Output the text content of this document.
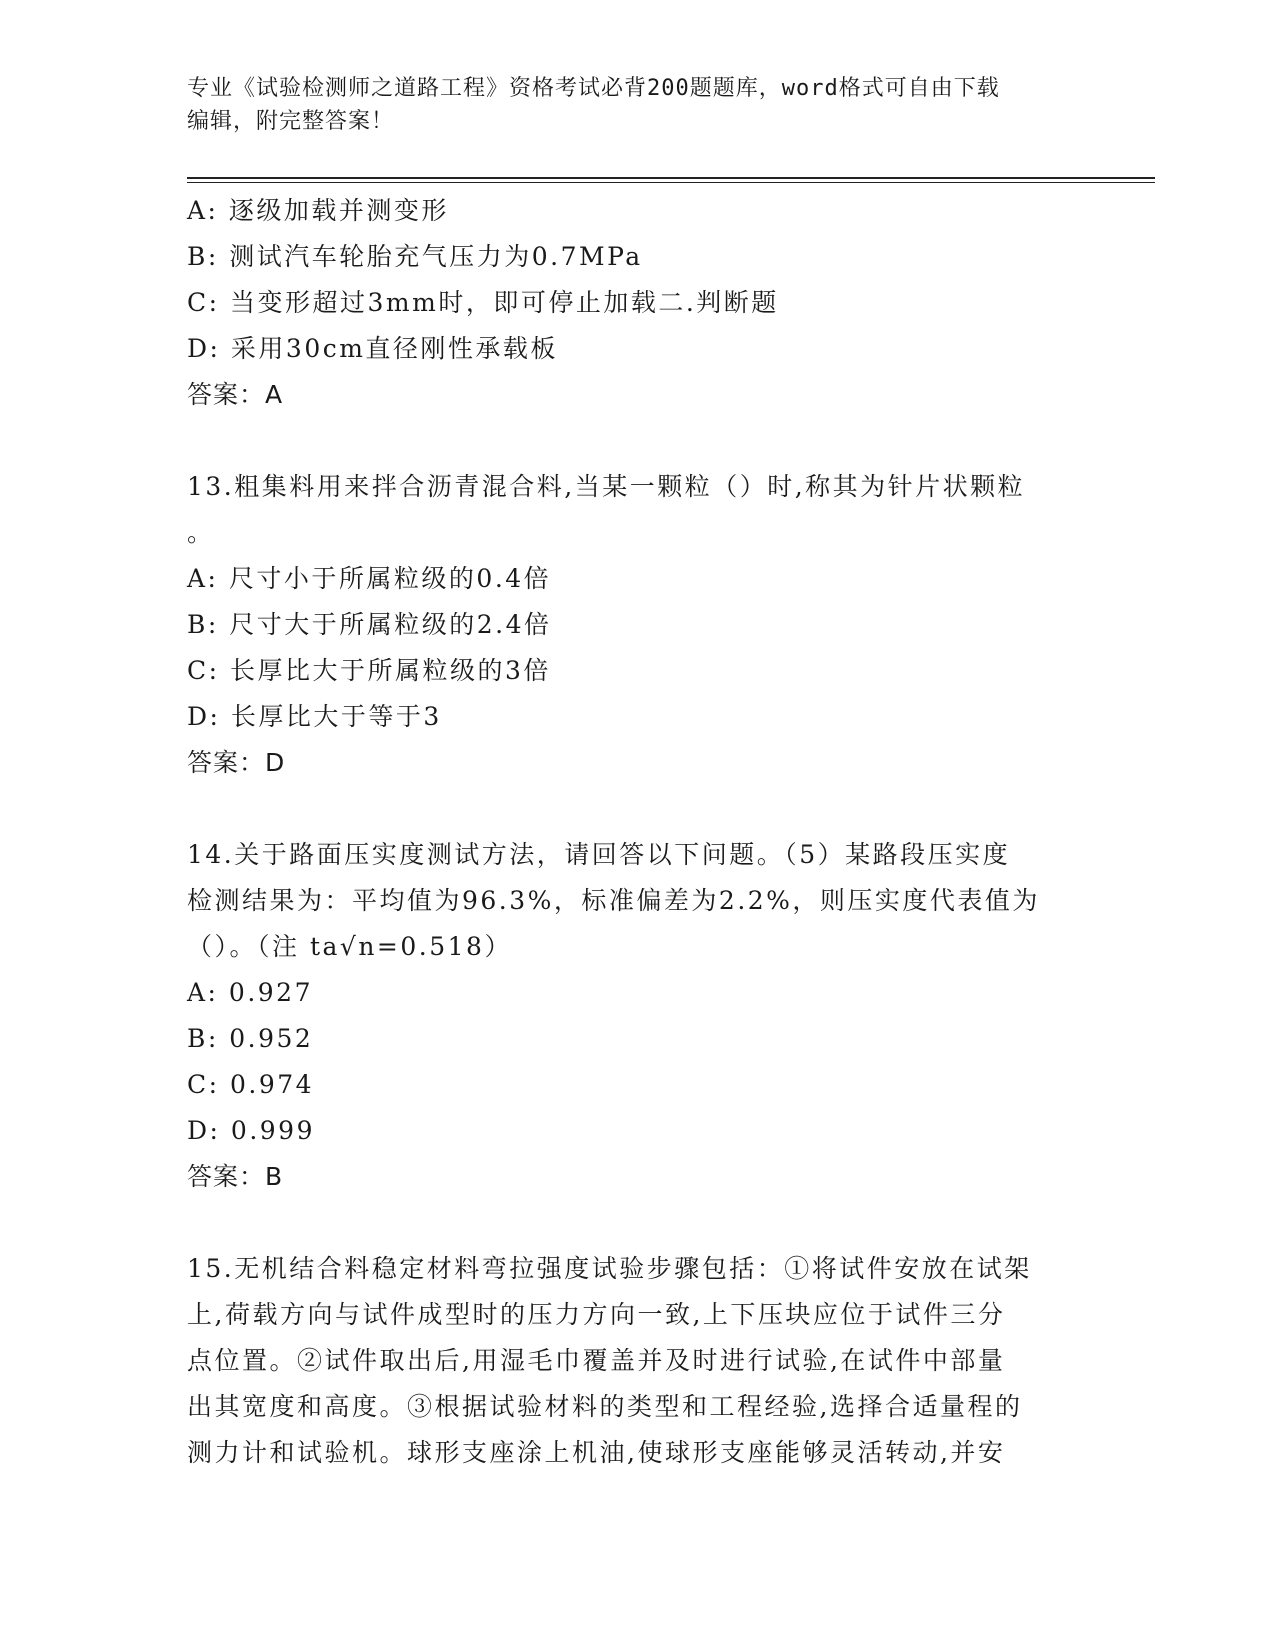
专业《试验检测师之道路工程》资格考试必背200题题库，word格式可自由下载
编辑，附完整答案！
A: 逐级加载并测变形
B: 测试汽车轮胎充气压力为0.7MPa
C: 当变形超过3mm时，即可停止加载二.判断题
D: 采用30cm直径刚性承载板
答案：A
13.粗集料用来拌合沥青混合料,当某一颗粒（）时,称其为针片状颗粒
。
A: 尺寸小于所属粒级的0.4倍
B: 尺寸大于所属粒级的2.4倍
C: 长厚比大于所属粒级的3倍
D: 长厚比大于等于3
答案：D
14.关于路面压实度测试方法，请回答以下问题。（5）某路段压实度
检测结果为：平均值为96.3%，标准偏差为2.2%，则压实度代表值为
（）。（注 ta√n=0.518）
A: 0.927
B: 0.952
C: 0.974
D: 0.999
答案：B
15.无机结合料稳定材料弯拉强度试验步骤包括：①将试件安放在试架
上,荷载方向与试件成型时的压力方向一致,上下压块应位于试件三分
点位置。②试件取出后,用湿毛巾覆盖并及时进行试验,在试件中部量
出其宽度和高度。③根据试验材料的类型和工程经验,选择合适量程的
测力计和试验机。球形支座涂上机油,使球形支座能够灵活转动,并安
